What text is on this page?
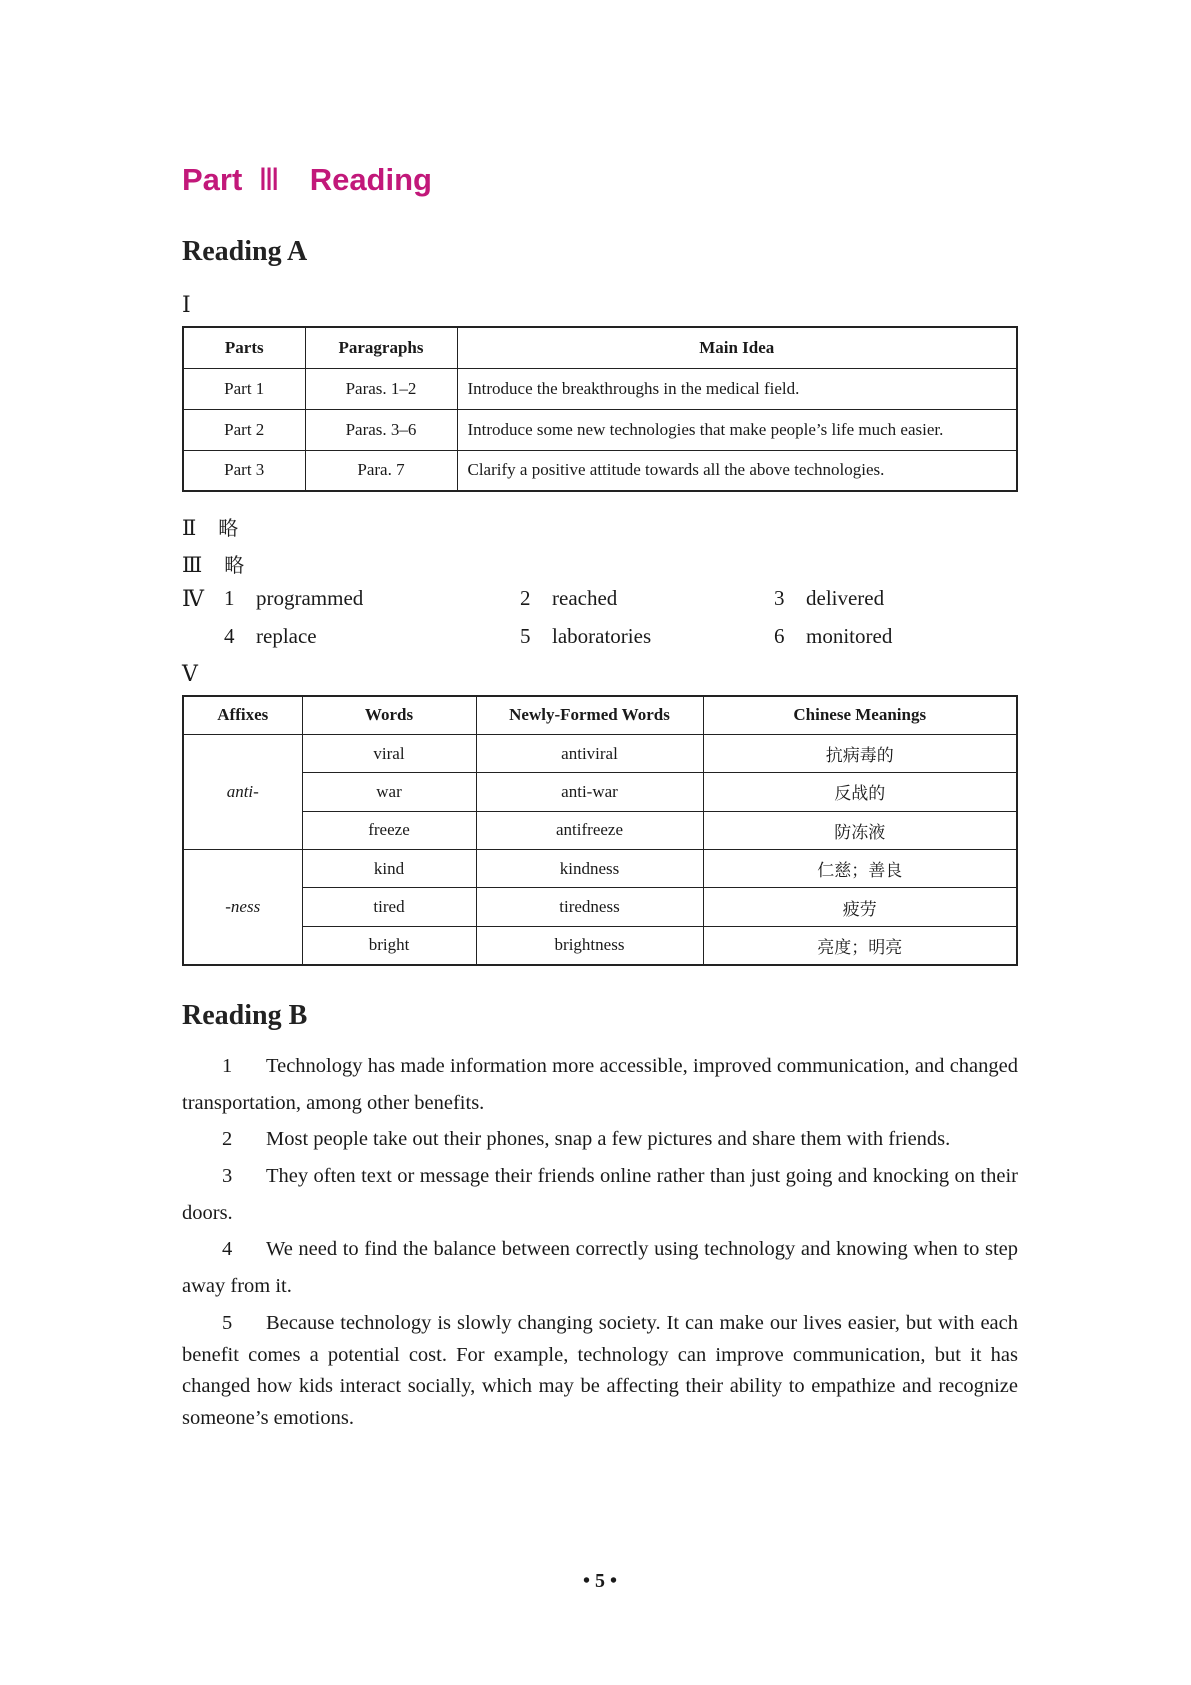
Part Ⅲ Reading
Reading A
Ⅰ
Parts	Paragraphs	Main Idea
Part 1	Paras. 1–2	Introduce the breakthroughs in the medical field.
Part 2	Paras. 3–6	Introduce some new technologies that make people’s life much easier.
Part 3	Para. 7	Clarify a positive attitude towards all the above technologies.
Ⅱ 略
Ⅲ 略
Ⅳ 1 programmed	2 reached	3 delivered
4 replace	5 laboratories	6 monitored
Ⅴ
Affixes	Words	Newly-Formed Words	Chinese Meanings
anti-	viral	antiviral	抗病毒的
	war	anti-war	反战的
	freeze	antifreeze	防冻液
-ness	kind	kindness	仁慈；善良
	tired	tiredness	疲劳
	bright	brightness	亮度；明亮
Reading B

1 Technology has made information more accessible, improved communication, and changed transportation, among other benefits.

2 Most people take out their phones, snap a few pictures and share them with friends.

3 They often text or message their friends online rather than just going and knocking on their doors.

4 We need to find the balance between correctly using technology and knowing when to step away from it.

5 Because technology is slowly changing society. It can make our lives easier, but with each benefit comes a potential cost. For example, technology can improve communication, but it has changed how kids interact socially, which may be affecting their ability to empathize and recognize someone’s emotions.

• 5 •
